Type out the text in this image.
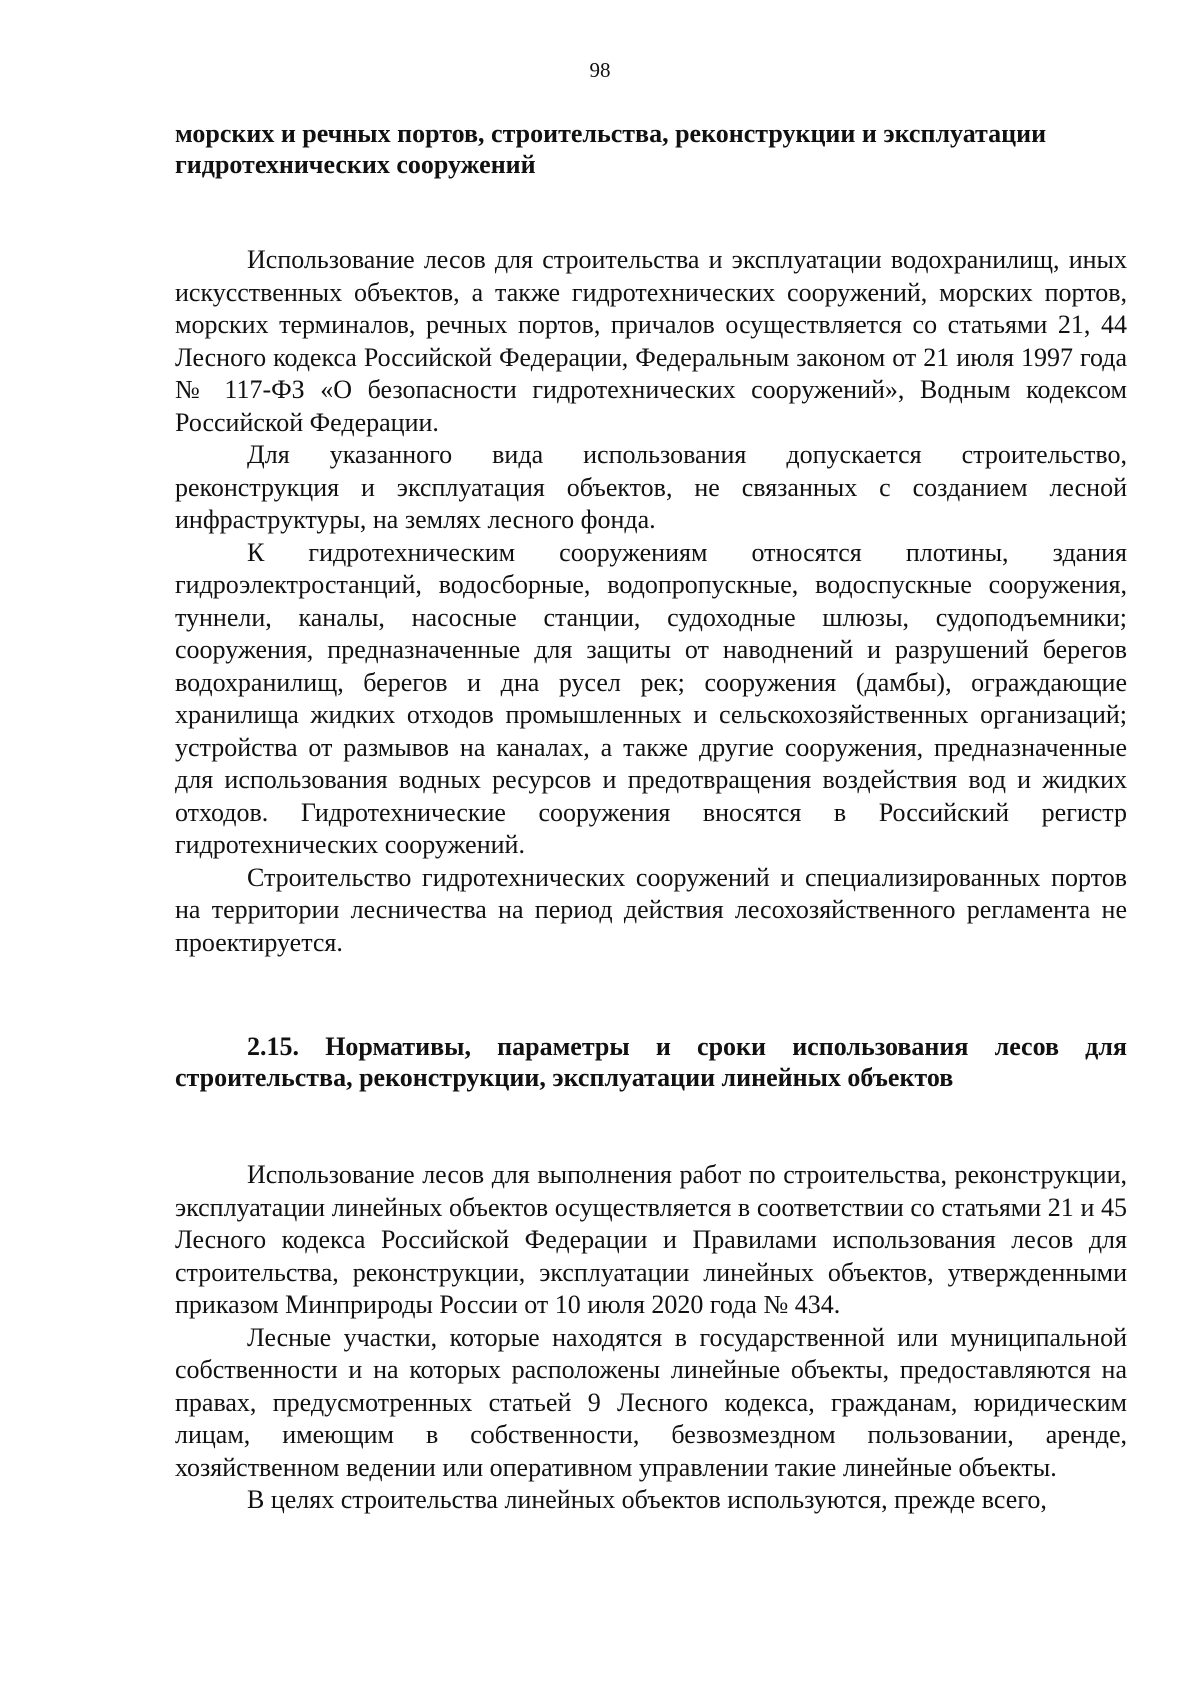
98

морских и речных портов, строительства, реконструкции и эксплуатации гидротехнических сооружений

Использование лесов для строительства и эксплуатации водохранилищ, иных искусственных объектов, а также гидротехнических сооружений, морских портов, морских терминалов, речных портов, причалов осуществляется со статьями 21, 44 Лесного кодекса Российской Федерации, Федеральным законом от 21 июля 1997 года № 117-ФЗ «О безопасности гидротехнических сооружений», Водным кодексом Российской Федерации.

Для указанного вида использования допускается строительство, реконструкция и эксплуатация объектов, не связанных с созданием лесной инфраструктуры, на землях лесного фонда.

К гидротехническим сооружениям относятся плотины, здания гидроэлектростанций, водосборные, водопропускные, водоспускные сооружения, туннели, каналы, насосные станции, судоходные шлюзы, судоподъемники; сооружения, предназначенные для защиты от наводнений и разрушений берегов водохранилищ, берегов и дна русел рек; сооружения (дамбы), ограждающие хранилища жидких отходов промышленных и сельскохозяйственных организаций; устройства от размывов на каналах, а также другие сооружения, предназначенные для использования водных ресурсов и предотвращения воздействия вод и жидких отходов. Гидротехнические сооружения вносятся в Российский регистр гидротехнических сооружений.

Строительство гидротехнических сооружений и специализированных портов на территории лесничества на период действия лесохозяйственного регламента не проектируется.

2.15. Нормативы, параметры и сроки использования лесов для строительства, реконструкции, эксплуатации линейных объектов

Использование лесов для выполнения работ по строительства, реконструкции, эксплуатации линейных объектов осуществляется в соответствии со статьями 21 и 45 Лесного кодекса Российской Федерации и Правилами использования лесов для строительства, реконструкции, эксплуатации линейных объектов, утвержденными приказом Минприроды России от 10 июля 2020 года № 434.

Лесные участки, которые находятся в государственной или муниципальной собственности и на которых расположены линейные объекты, предоставляются на правах, предусмотренных статьей 9 Лесного кодекса, гражданам, юридическим лицам, имеющим в собственности, безвозмездном пользовании, аренде, хозяйственном ведении или оперативном управлении такие линейные объекты.

В целях строительства линейных объектов используются, прежде всего,
